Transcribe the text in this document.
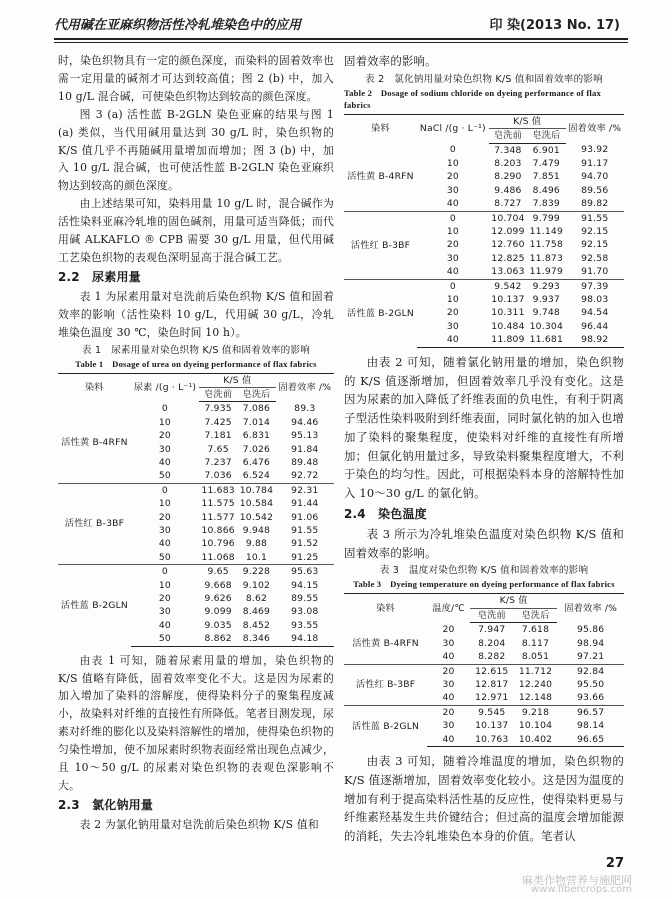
代用碱在亚麻织物活性冷轧堆染色中的应用	印 染(2013 No. 17)

时，染色织物具有一定的颜色深度，而染料的固着效率也需一定用量的碱剂才可达到较高值；图 2 (b) 中，加入 10 g/L 混合碱，可使染色织物达到较高的颜色深度。

图 3 (a) 活性蓝 B-2GLN 染色亚麻的结果与图 1 (a) 类似，当代用碱用量达到 30 g/L 时，染色织物的 K/S 值几乎不再随碱用量增加而增加；图 3 (b) 中，加入 10 g/L 混合碱，也可使活性蓝 B-2GLN 染色亚麻织物达到较高的颜色深度。

由上述结果可知，染料用量 10 g/L 时，混合碱作为活性染料亚麻冷轧堆的固色碱剂，用量可适当降低；而代用碱 ALKAFLO ® CPB 需要 30 g/L 用量，但代用碱工艺染色织物的表观色深明显高于混合碱工艺。

2.2　尿素用量

表 1 为尿素用量对皂洗前后染色织物 K/S 值和固着效率的影响（活性染料 10 g/L，代用碱 30 g/L，冷轧堆染色温度 30 ℃，染色时间 10 h）。

表 1　尿素用量对染色织物 K/S 值和固着效率的影响
Table 1　Dosage of urea on dyeing performance of flax fabrics
染料	尿素 /(g · L⁻¹)	K/S 值		固着效率 /%
		皂洗前	皂洗后	
活性黄 B-4RFN	0	7.935	7.086	89.3
	10	7.425	7.014	94.46
	20	7.181	6.831	95.13
	30	7.65	7.026	91.84
	40	7.237	6.476	89.48
	50	7.036	6.524	92.72
活性红 B-3BF	0	11.683	10.784	92.31
	10	11.575	10.584	91.44
	20	11.577	10.542	91.06
	30	10.866	9.948	91.55
	40	10.796	9.88	91.52
	50	11.068	10.1	91.25
活性蓝 B-2GLN	0	9.65	9.228	95.63
	10	9.668	9.102	94.15
	20	9.626	8.62	89.55
	30	9.099	8.469	93.08
	40	9.035	8.452	93.55
	50	8.862	8.346	94.18

由表 1 可知，随着尿素用量的增加，染色织物的 K/S 值略有降低，固着效率变化不大。这是因为尿素的加入增加了染料的溶解度，使得染料分子的聚集程度减小，故染料对纤维的直接性有所降低。笔者目测发现，尿素对纤维的膨化以及染料溶解性的增加，使得染色织物的匀染性增加，使不加尿素时织物表面经常出现色点减少，且 10～50 g/L 的尿素对染色织物的表观色深影响不大。

2.3　氯化钠用量

表 2 为氯化钠用量对皂洗前后染色织物 K/S 值和

固着效率的影响。

表 2　氯化钠用量对染色织物 K/S 值和固着效率的影响
Table 2　Dosage of sodium chloride on dyeing performance of flax fabrics
染料	NaCl /(g · L⁻¹)	K/S 值		固着效率 /%
		皂洗前	皂洗后	
活性黄 B-4RFN	0	7.348	6.901	93.92
	10	8.203	7.479	91.17
	20	8.290	7.851	94.70
	30	9.486	8.496	89.56
	40	8.727	7.839	89.82
活性红 B-3BF	0	10.704	9.799	91.55
	10	12.099	11.149	92.15
	20	12.760	11.758	92.15
	30	12.825	11.873	92.58
	40	13.063	11.979	91.70
活性蓝 B-2GLN	0	9.542	9.293	97.39
	10	10.137	9.937	98.03
	20	10.311	9.748	94.54
	30	10.484	10.304	96.44
	40	11.809	11.681	98.92

由表 2 可知，随着氯化钠用量的增加，染色织物的 K/S 值逐渐增加，但固着效率几乎没有变化。这是因为尿素的加入降低了纤维表面的负电性，有利于阴离子型活性染料吸附到纤维表面，同时氯化钠的加入也增加了染料的聚集程度，使染料对纤维的直接性有所增加；但氯化钠用量过多，导致染料聚集程度增大，不利于染色的均匀性。因此，可根据染料本身的溶解特性加入 10～30 g/L 的氯化钠。

2.4　染色温度

表 3 所示为冷轧堆染色温度对染色织物 K/S 值和固着效率的影响。

表 3　温度对染色织物 K/S 值和固着效率的影响
Table 3　Dyeing temperature on dyeing performance of flax fabrics
染料	温度/℃	K/S 值		固着效率 /%
		皂洗前	皂洗后	
活性黄 B-4RFN	20	7.947	7.618	95.86
	30	8.204	8.117	98.94
	40	8.282	8.051	97.21
活性红 B-3BF	20	12.615	11.712	92.84
	30	12.817	12.240	95.50
	40	12.971	12.148	93.66
活性蓝 B-2GLN	20	9.545	9.218	96.57
	30	10.137	10.104	98.14
	40	10.763	10.402	96.65

由表 3 可知，随着冷堆温度的增加，染色织物的 K/S 值逐渐增加，固着效率变化较小。这是因为温度的增加有利于提高染料活性基的反应性，使得染料更易与纤维素羟基发生共价键结合；但过高的温度会增加能源的消耗，失去冷轧堆染色本身的价值。笔者认

27
麻类作物营养与施肥网
www.fibercrops.com
